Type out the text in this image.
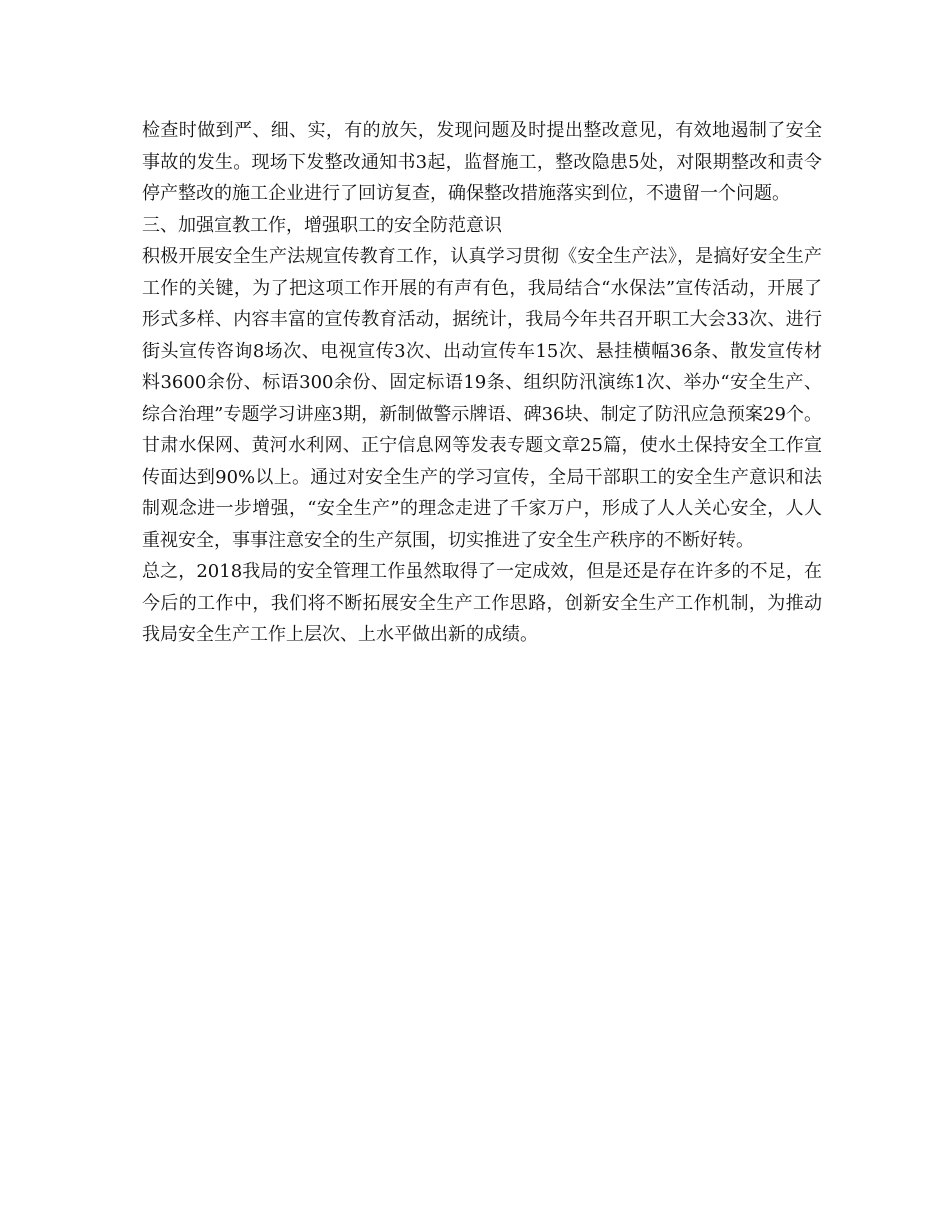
检查时做到严、细、实，有的放矢，发现问题及时提出整改意见，有效地遏制了安全事故的发生。现场下发整改通知书3起，监督施工，整改隐患5处，对限期整改和责令停产整改的施工企业进行了回访复查，确保整改措施落实到位，不遗留一个问题。

三、加强宣教工作，增强职工的安全防范意识

积极开展安全生产法规宣传教育工作，认真学习贯彻《安全生产法》，是搞好安全生产工作的关键，为了把这项工作开展的有声有色，我局结合“水保法”宣传活动，开展了形式多样、内容丰富的宣传教育活动，据统计，我局今年共召开职工大会33次、进行街头宣传咨询8场次、电视宣传3次、出动宣传车15次、悬挂横幅36条、散发宣传材料3600余份、标语300余份、固定标语19条、组织防汛演练1次、举办“安全生产、综合治理”专题学习讲座3期，新制做警示牌语、碑36块、制定了防汛应急预案29个。甘肃水保网、黄河水利网、正宁信息网等发表专题文章25篇，使水土保持安全工作宣传面达到90%以上。通过对安全生产的学习宣传，全局干部职工的安全生产意识和法制观念进一步增强，“安全生产”的理念走进了千家万户，形成了人人关心安全，人人重视安全，事事注意安全的生产氛围，切实推进了安全生产秩序的不断好转。

总之，2018我局的安全管理工作虽然取得了一定成效，但是还是存在许多的不足，在今后的工作中，我们将不断拓展安全生产工作思路，创新安全生产工作机制，为推动我局安全生产工作上层次、上水平做出新的成绩。
